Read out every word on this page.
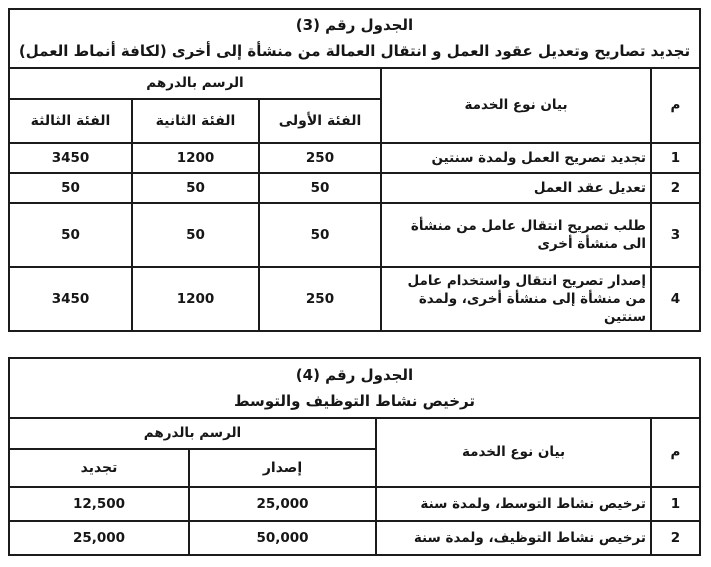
الجدول رقم (3)
تجديد تصاريح وتعديل عقود العمل و انتقال العمالة من منشأة إلى أخرى (لكافة أنماط العمل)				

م	بيان نوع الخدمة	الرسم بالدرهم		
		الفئة الأولى	الفئة الثانية	الفئة الثالثة
1	تجديد تصريح العمل ولمدة سنتين	250	1200	3450
2	تعديل عقد العمل	50	50	50
3	طلب تصريح انتقال عامل من منشأة الى منشأة أخرى	50	50	50
4	إصدار تصريح انتقال واستخدام عامل من منشأة إلى منشأة أخرى، ولمدة سنتين	250	1200	3450
الجدول رقم (4)
ترخيص نشاط التوظيف والتوسط			

م	بيان نوع الخدمة	الرسم بالدرهم	
		إصدار	تجديد
1	ترخيص نشاط التوسط، ولمدة سنة	25,000	12,500
2	ترخيص نشاط التوظيف، ولمدة سنة	50,000	25,000
